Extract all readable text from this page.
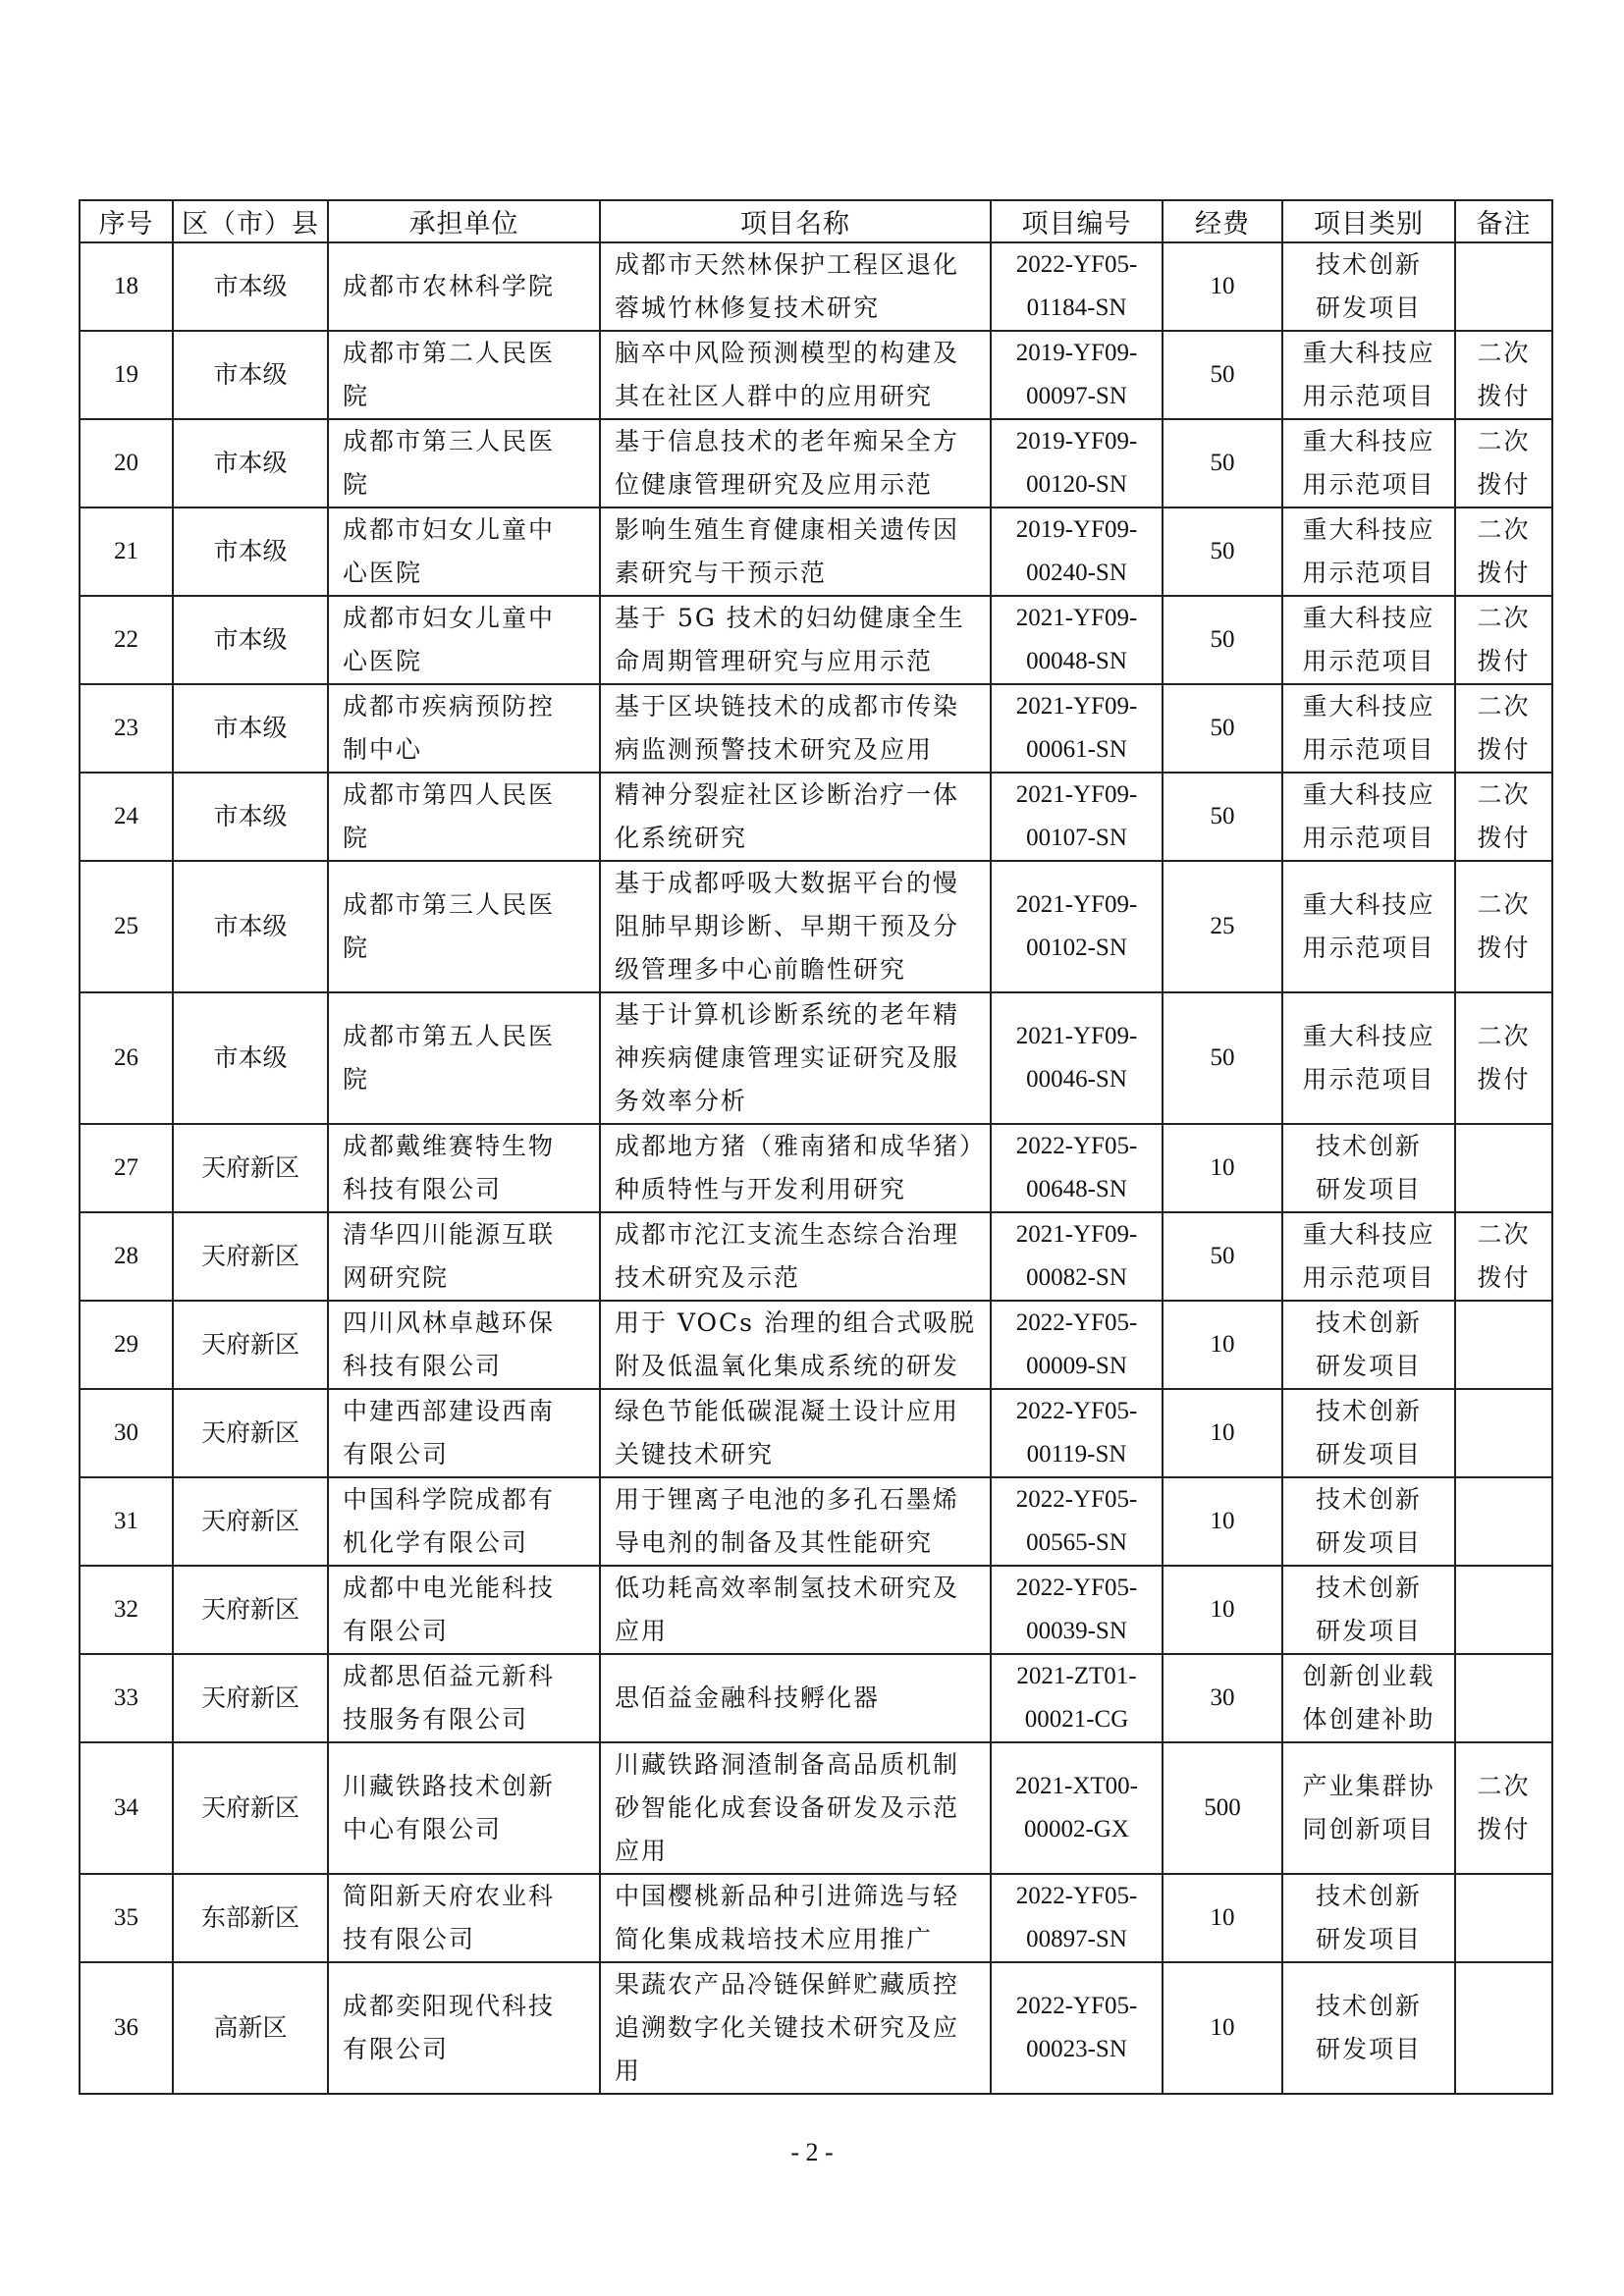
序号	区（市）县	承担单位	项目名称	项目编号	经费	项目类别	备注
18	市本级	成都市农林科学院	成都市天然林保护工程区退化
蓉城竹林修复技术研究	2022-YF05-
01184-SN	10	技术创新
研发项目	

19	市本级	成都市第二人民医
院	脑卒中风险预测模型的构建及
其在社区人群中的应用研究	2019-YF09-
00097-SN	50	重大科技应
用示范项目	二次
拨付

20	市本级	成都市第三人民医
院	基于信息技术的老年痴呆全方
位健康管理研究及应用示范	2019-YF09-
00120-SN	50	重大科技应
用示范项目	二次
拨付

21	市本级	成都市妇女儿童中
心医院	影响生殖生育健康相关遗传因
素研究与干预示范	2019-YF09-
00240-SN	50	重大科技应
用示范项目	二次
拨付

22	市本级	成都市妇女儿童中
心医院	基于 5G 技术的妇幼健康全生
命周期管理研究与应用示范	2021-YF09-
00048-SN	50	重大科技应
用示范项目	二次
拨付

23	市本级	成都市疾病预防控
制中心	基于区块链技术的成都市传染
病监测预警技术研究及应用	2021-YF09-
00061-SN	50	重大科技应
用示范项目	二次
拨付

24	市本级	成都市第四人民医
院	精神分裂症社区诊断治疗一体
化系统研究	2021-YF09-
00107-SN	50	重大科技应
用示范项目	二次
拨付

25	市本级	成都市第三人民医
院	基于成都呼吸大数据平台的慢
阻肺早期诊断、早期干预及分
级管理多中心前瞻性研究	2021-YF09-
00102-SN	25	重大科技应
用示范项目	二次
拨付

26	市本级	成都市第五人民医
院	基于计算机诊断系统的老年精
神疾病健康管理实证研究及服
务效率分析	2021-YF09-
00046-SN	50	重大科技应
用示范项目	二次
拨付

27	天府新区	成都戴维赛特生物
科技有限公司	成都地方猪（雅南猪和成华猪）
种质特性与开发利用研究	2022-YF05-
00648-SN	10	技术创新
研发项目	

28	天府新区	清华四川能源互联
网研究院	成都市沱江支流生态综合治理
技术研究及示范	2021-YF09-
00082-SN	50	重大科技应
用示范项目	二次
拨付

29	天府新区	四川风林卓越环保
科技有限公司	用于 VOCs 治理的组合式吸脱
附及低温氧化集成系统的研发	2022-YF05-
00009-SN	10	技术创新
研发项目	

30	天府新区	中建西部建设西南
有限公司	绿色节能低碳混凝土设计应用
关键技术研究	2022-YF05-
00119-SN	10	技术创新
研发项目	

31	天府新区	中国科学院成都有
机化学有限公司	用于锂离子电池的多孔石墨烯
导电剂的制备及其性能研究	2022-YF05-
00565-SN	10	技术创新
研发项目	

32	天府新区	成都中电光能科技
有限公司	低功耗高效率制氢技术研究及
应用	2022-YF05-
00039-SN	10	技术创新
研发项目	

33	天府新区	成都思佰益元新科
技服务有限公司	思佰益金融科技孵化器	2021-ZT01-
00021-CG	30	创新创业载
体创建补助	

34	天府新区	川藏铁路技术创新
中心有限公司	川藏铁路洞渣制备高品质机制
砂智能化成套设备研发及示范
应用	2021-XT00-
00002-GX	500	产业集群协
同创新项目	二次
拨付

35	东部新区	简阳新天府农业科
技有限公司	中国樱桃新品种引进筛选与轻
简化集成栽培技术应用推广	2022-YF05-
00897-SN	10	技术创新
研发项目	

36	高新区	成都奕阳现代科技
有限公司	果蔬农产品冷链保鲜贮藏质控
追溯数字化关键技术研究及应
用	2022-YF05-
00023-SN	10	技术创新
研发项目	

- 2 -
